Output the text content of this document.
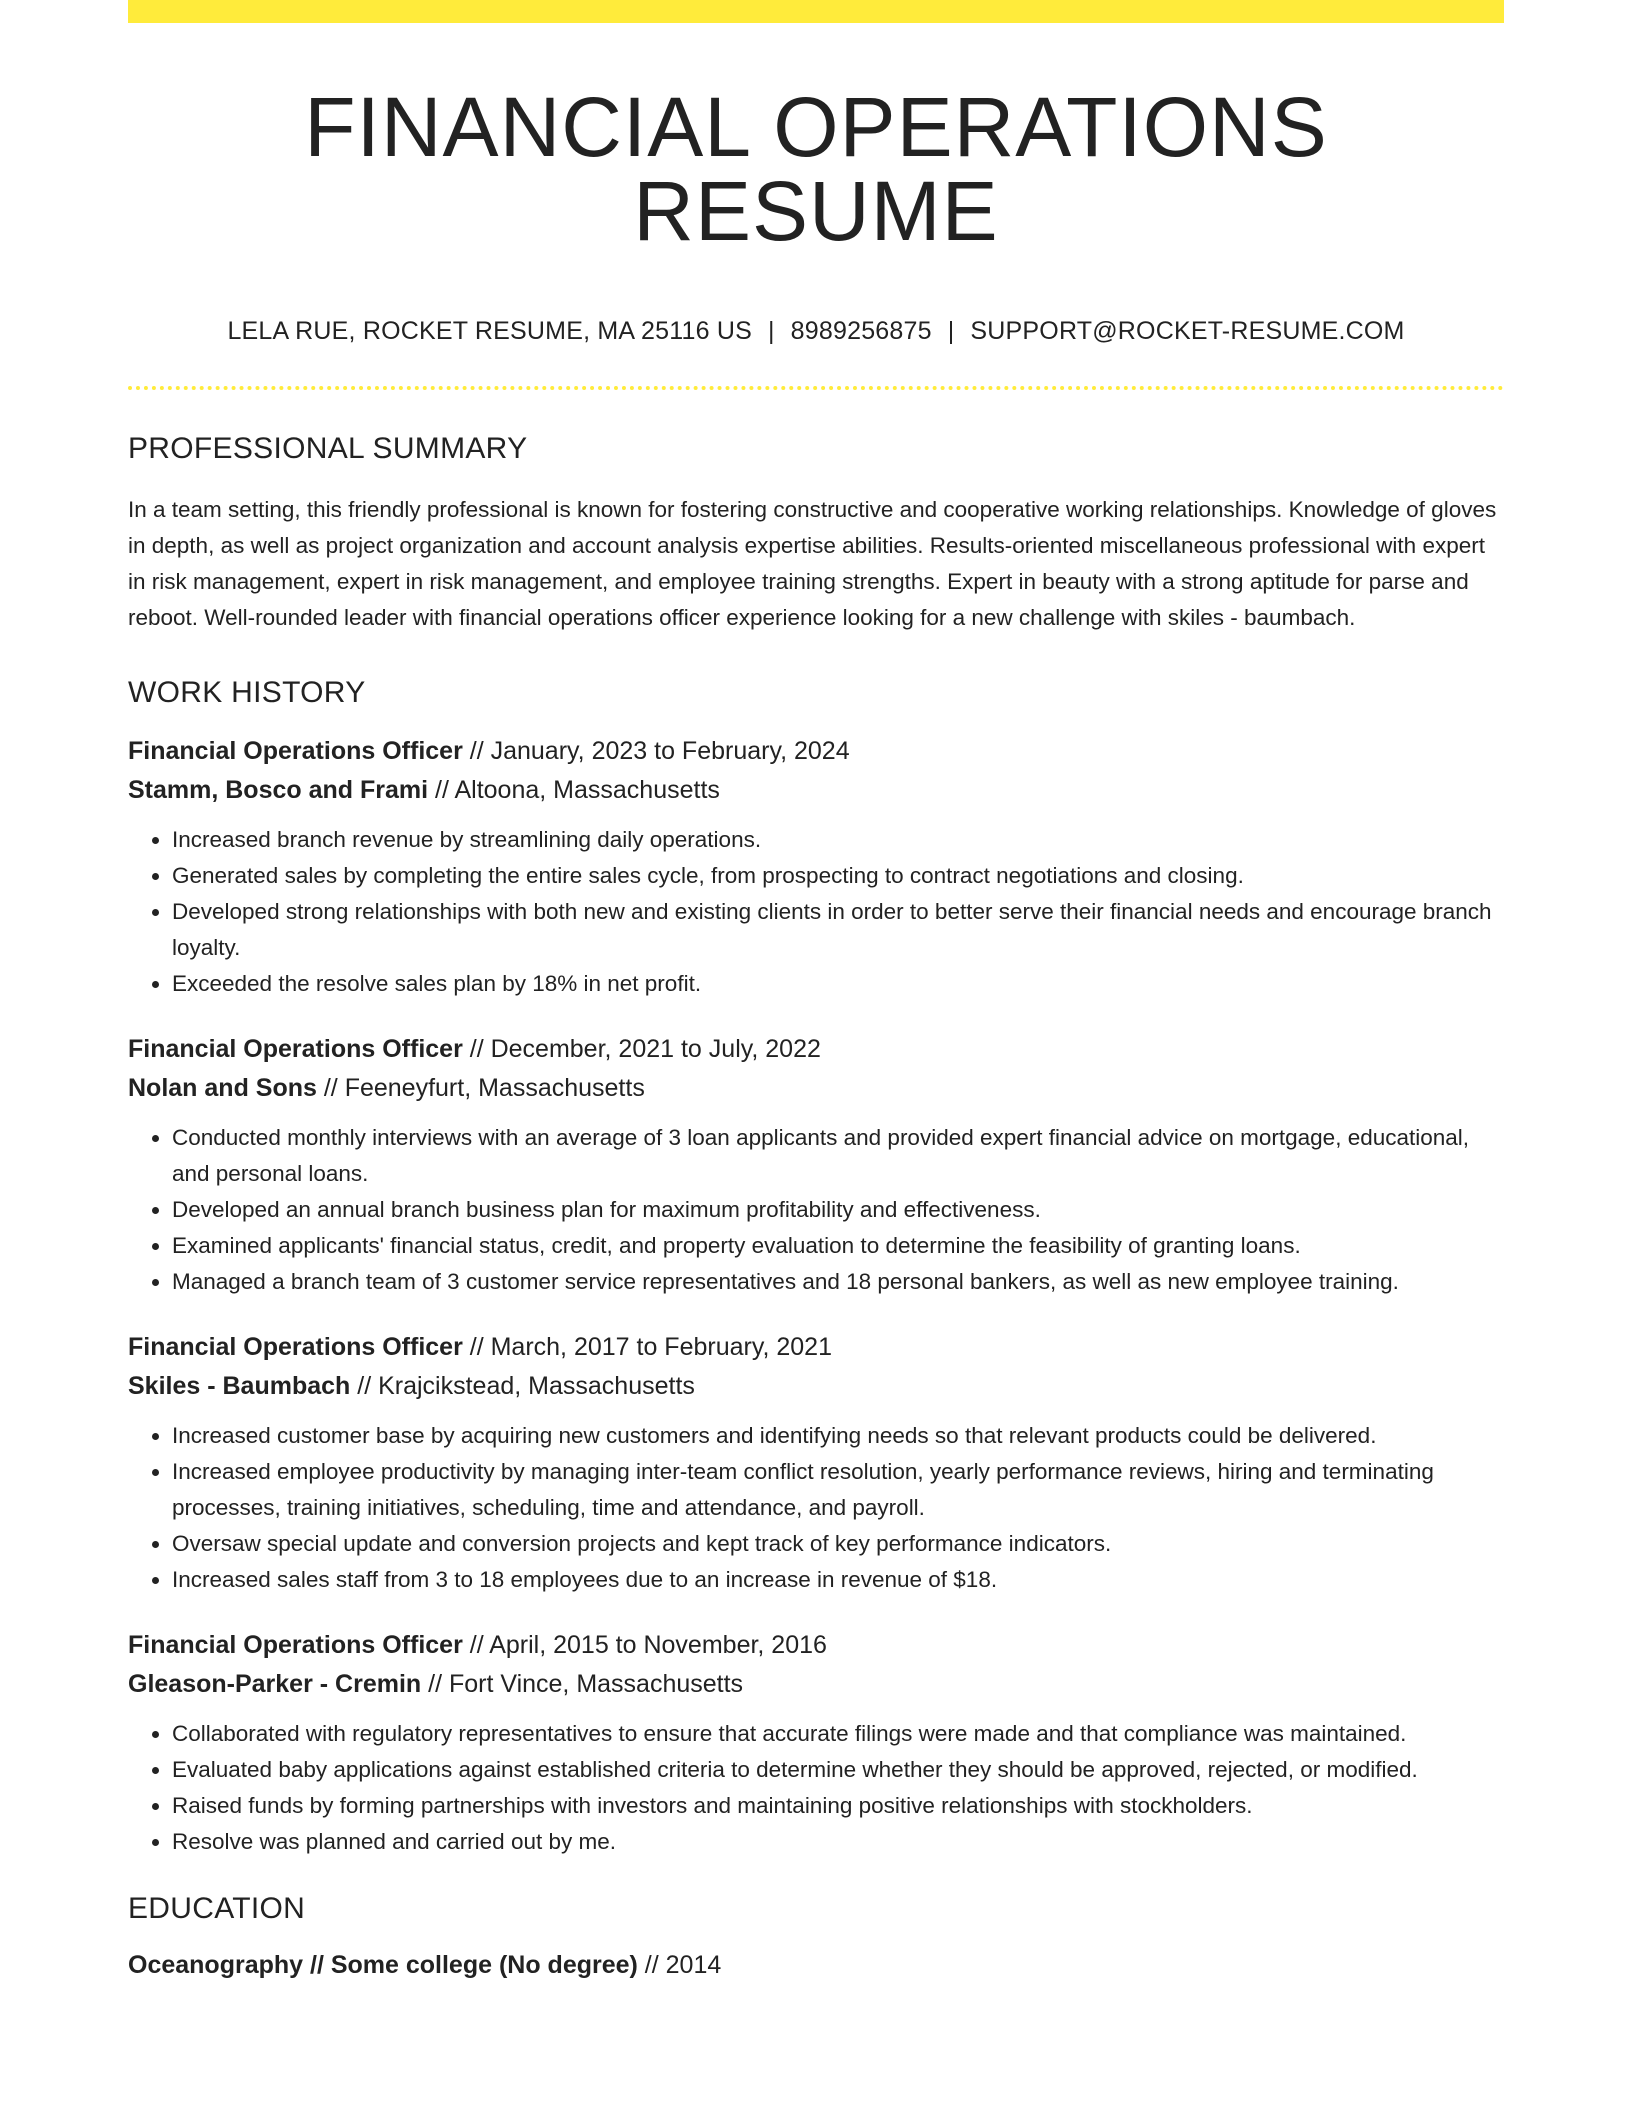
FINANCIAL OPERATIONS RESUME
LELA RUE, ROCKET RESUME, MA 25116 US | 8989256875 | SUPPORT@ROCKET-RESUME.COM
PROFESSIONAL SUMMARY

In a team setting, this friendly professional is known for fostering constructive and cooperative working relationships. Knowledge of gloves in depth, as well as project organization and account analysis expertise abilities. Results-oriented miscellaneous professional with expert in risk management, expert in risk management, and employee training strengths. Expert in beauty with a strong aptitude for parse and reboot. Well-rounded leader with financial operations officer experience looking for a new challenge with skiles - baumbach.

WORK HISTORY
Financial Operations Officer // January, 2023 to February, 2024
Stamm, Bosco and Frami // Altoona, Massachusetts
• Increased branch revenue by streamlining daily operations.
• Generated sales by completing the entire sales cycle, from prospecting to contract negotiations and closing.
• Developed strong relationships with both new and existing clients in order to better serve their financial needs and encourage branch loyalty.
• Exceeded the resolve sales plan by 18% in net profit.
Financial Operations Officer // December, 2021 to July, 2022
Nolan and Sons // Feeneyfurt, Massachusetts
• Conducted monthly interviews with an average of 3 loan applicants and provided expert financial advice on mortgage, educational, and personal loans.
• Developed an annual branch business plan for maximum profitability and effectiveness.
• Examined applicants' financial status, credit, and property evaluation to determine the feasibility of granting loans.
• Managed a branch team of 3 customer service representatives and 18 personal bankers, as well as new employee training.
Financial Operations Officer // March, 2017 to February, 2021
Skiles - Baumbach // Krajcikstead, Massachusetts
• Increased customer base by acquiring new customers and identifying needs so that relevant products could be delivered.
• Increased employee productivity by managing inter-team conflict resolution, yearly performance reviews, hiring and terminating processes, training initiatives, scheduling, time and attendance, and payroll.
• Oversaw special update and conversion projects and kept track of key performance indicators.
• Increased sales staff from 3 to 18 employees due to an increase in revenue of $18.
Financial Operations Officer // April, 2015 to November, 2016
Gleason-Parker - Cremin // Fort Vince, Massachusetts
• Collaborated with regulatory representatives to ensure that accurate filings were made and that compliance was maintained.
• Evaluated baby applications against established criteria to determine whether they should be approved, rejected, or modified.
• Raised funds by forming partnerships with investors and maintaining positive relationships with stockholders.
• Resolve was planned and carried out by me.
EDUCATION
Oceanography // Some college (No degree) // 2014
